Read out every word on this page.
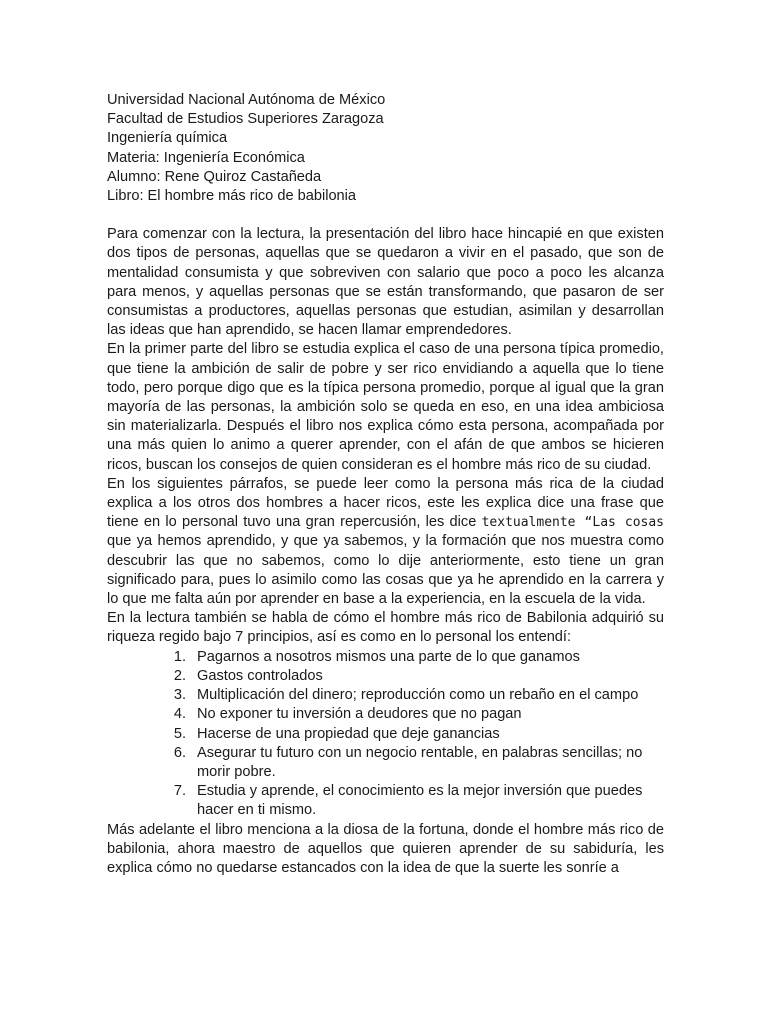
Universidad Nacional Autónoma de México

Facultad de Estudios Superiores Zaragoza

Ingeniería química

Materia: Ingeniería Económica

Alumno: Rene Quiroz Castañeda

Libro: El hombre más rico de babilonia

Para comenzar con la lectura, la presentación del libro hace hincapié en que existen dos tipos de personas, aquellas que se quedaron a vivir en el pasado, que son de mentalidad consumista y que sobreviven con salario que poco a poco les alcanza para menos, y aquellas personas que se están transformando, que pasaron de ser consumistas a productores, aquellas personas que estudian, asimilan y desarrollan las ideas que han aprendido, se hacen llamar emprendedores.

En la primer parte del libro se estudia explica el caso de una persona típica promedio, que tiene la ambición de salir de pobre y ser rico envidiando a aquella que lo tiene todo, pero porque digo que es la típica persona promedio, porque al igual que la gran mayoría de las personas, la ambición solo se queda en eso, en una idea ambiciosa sin materializarla. Después el libro nos explica cómo esta persona, acompañada por una más quien lo animo a querer aprender, con el afán de que ambos se hicieren ricos, buscan los consejos de quien consideran es el hombre más rico de su ciudad.

En los siguientes párrafos, se puede leer como la persona más rica de la ciudad explica a los otros dos hombres a hacer ricos, este les explica dice una frase que tiene en lo personal tuvo una gran repercusión, les dice textualmente “Las cosas que ya hemos aprendido, y que ya sabemos, y la formación que nos muestra como descubrir las que no sabemos, como lo dije anteriormente, esto tiene un gran significado para, pues lo asimilo como las cosas que ya he aprendido en la carrera y lo que me falta aún por aprender en base a la experiencia, en la escuela de la vida.

En la lectura también se habla de cómo el hombre más rico de Babilonia adquirió su riqueza regido bajo 7 principios, así es como en lo personal los entendí:

1. Pagarnos a nosotros mismos una parte de lo que ganamos
2. Gastos controlados
3. Multiplicación del dinero; reproducción como un rebaño en el campo
4. No exponer tu inversión a deudores que no pagan
5. Hacerse de una propiedad que deje ganancias
6. Asegurar tu futuro con un negocio rentable, en palabras sencillas; no morir pobre.
7. Estudia y aprende, el conocimiento es la mejor inversión que puedes hacer en ti mismo.

Más adelante el libro menciona a la diosa de la fortuna, donde el hombre más rico de babilonia, ahora maestro de aquellos que quieren aprender de su sabiduría, les explica cómo no quedarse estancados con la idea de que la suerte les sonríe a
